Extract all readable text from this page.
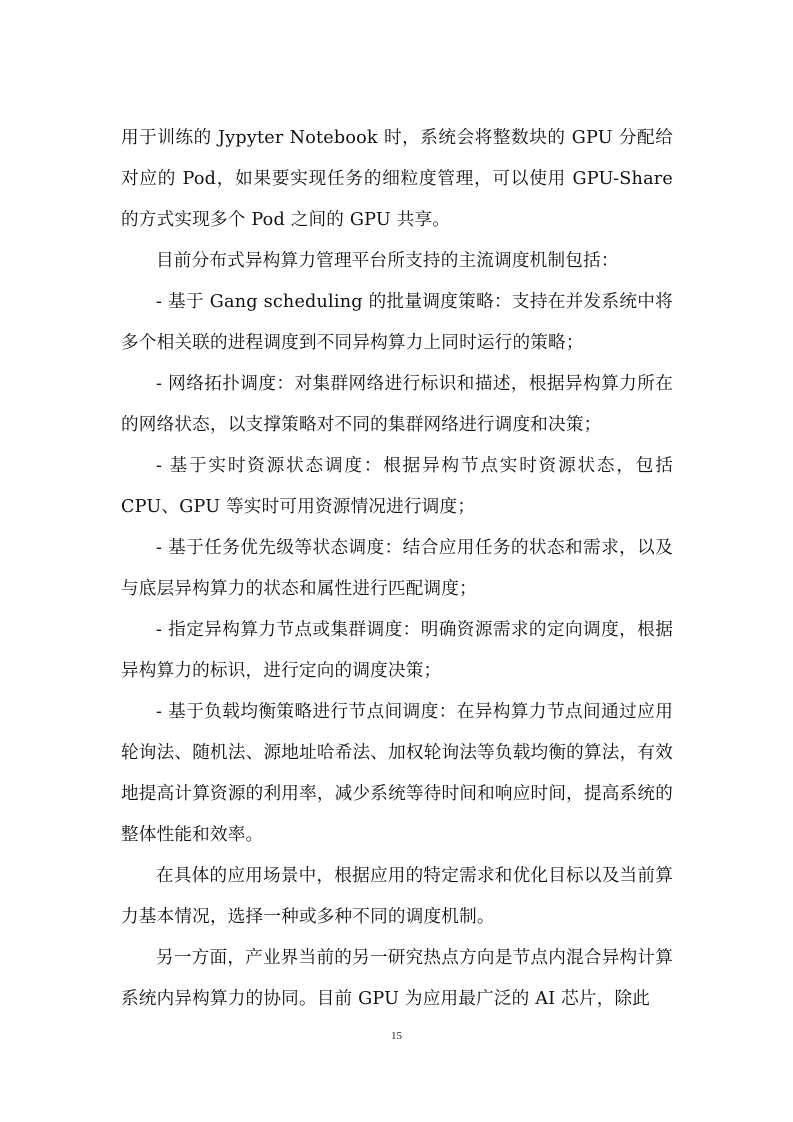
用于训练的 Jypyter Notebook 时，系统会将整数块的 GPU 分配给对应的 Pod，如果要实现任务的细粒度管理，可以使用 GPU-Share 的方式实现多个 Pod 之间的 GPU 共享。

目前分布式异构算力管理平台所支持的主流调度机制包括：

- 基于 Gang scheduling 的批量调度策略：支持在并发系统中将多个相关联的进程调度到不同异构算力上同时运行的策略；

- 网络拓扑调度：对集群网络进行标识和描述，根据异构算力所在的网络状态，以支撑策略对不同的集群网络进行调度和决策；

- 基于实时资源状态调度：根据异构节点实时资源状态，包括 CPU、GPU 等实时可用资源情况进行调度；

- 基于任务优先级等状态调度：结合应用任务的状态和需求，以及与底层异构算力的状态和属性进行匹配调度；

- 指定异构算力节点或集群调度：明确资源需求的定向调度，根据异构算力的标识，进行定向的调度决策；

- 基于负载均衡策略进行节点间调度：在异构算力节点间通过应用轮询法、随机法、源地址哈希法、加权轮询法等负载均衡的算法，有效地提高计算资源的利用率，减少系统等待时间和响应时间，提高系统的整体性能和效率。

在具体的应用场景中，根据应用的特定需求和优化目标以及当前算力基本情况，选择一种或多种不同的调度机制。

另一方面，产业界当前的另一研究热点方向是节点内混合异构计算系统内异构算力的协同。目前 GPU 为应用最广泛的 AI 芯片，除此

15
